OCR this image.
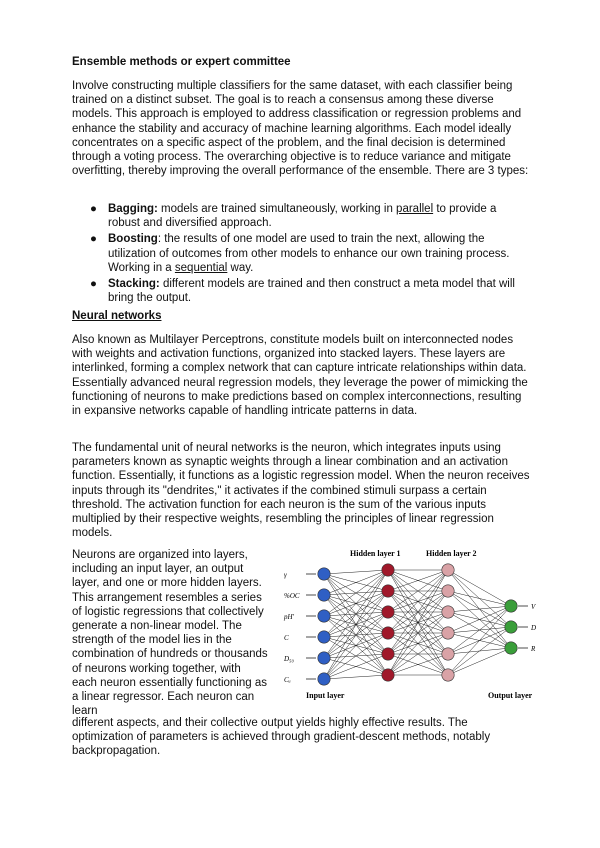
Ensemble methods or expert committee

Involve constructing multiple classifiers for the same dataset, with each classifier being trained on a distinct subset. The goal is to reach a consensus among these diverse models. This approach is employed to address classification or regression problems and enhance the stability and accuracy of machine learning algorithms. Each model ideally concentrates on a specific aspect of the problem, and the final decision is determined through a voting process. The overarching objective is to reduce variance and mitigate overfitting, thereby improving the overall performance of the ensemble. There are 3 types:

● Bagging: models are trained simultaneously, working in parallel to provide a robust and diversified approach.
● Boosting: the results of one model are used to train the next, allowing the utilization of outcomes from other models to enhance our own training process. Working in a sequential way.
● Stacking: different models are trained and then construct a meta model that will bring the output.
Neural networks

Also known as Multilayer Perceptrons, constitute models built on interconnected nodes with weights and activation functions, organized into stacked layers. These layers are interlinked, forming a complex network that can capture intricate relationships within data. Essentially advanced neural regression models, they leverage the power of mimicking the functioning of neurons to make predictions based on complex interconnections, resulting in expansive networks capable of handling intricate patterns in data.

The fundamental unit of neural networks is the neuron, which integrates inputs using parameters known as synaptic weights through a linear combination and an activation function. Essentially, it functions as a logistic regression model. When the neuron receives inputs through its "dendrites," it activates if the combined stimuli surpass a certain threshold. The activation function for each neuron is the sum of the various inputs multiplied by their respective weights, resembling the principles of linear regression models.

Neurons are organized into layers, including an input layer, an output layer, and one or more hidden layers. This arrangement resembles a series of logistic regressions that collectively generate a non-linear model. The strength of the model lies in the combination of hundreds or thousands of neurons working together, with each neuron essentially functioning as a linear regressor. Each neuron can learn

different aspects, and their collective output yields highly effective results. The optimization of parameters is achieved through gradient-descent methods, notably backpropagation.

Hidden layer 1	Hidden layer 2
Input layer	Output layer
γ
%OC
pH'
C
D₅₀
Cᵤ
V
D
R
